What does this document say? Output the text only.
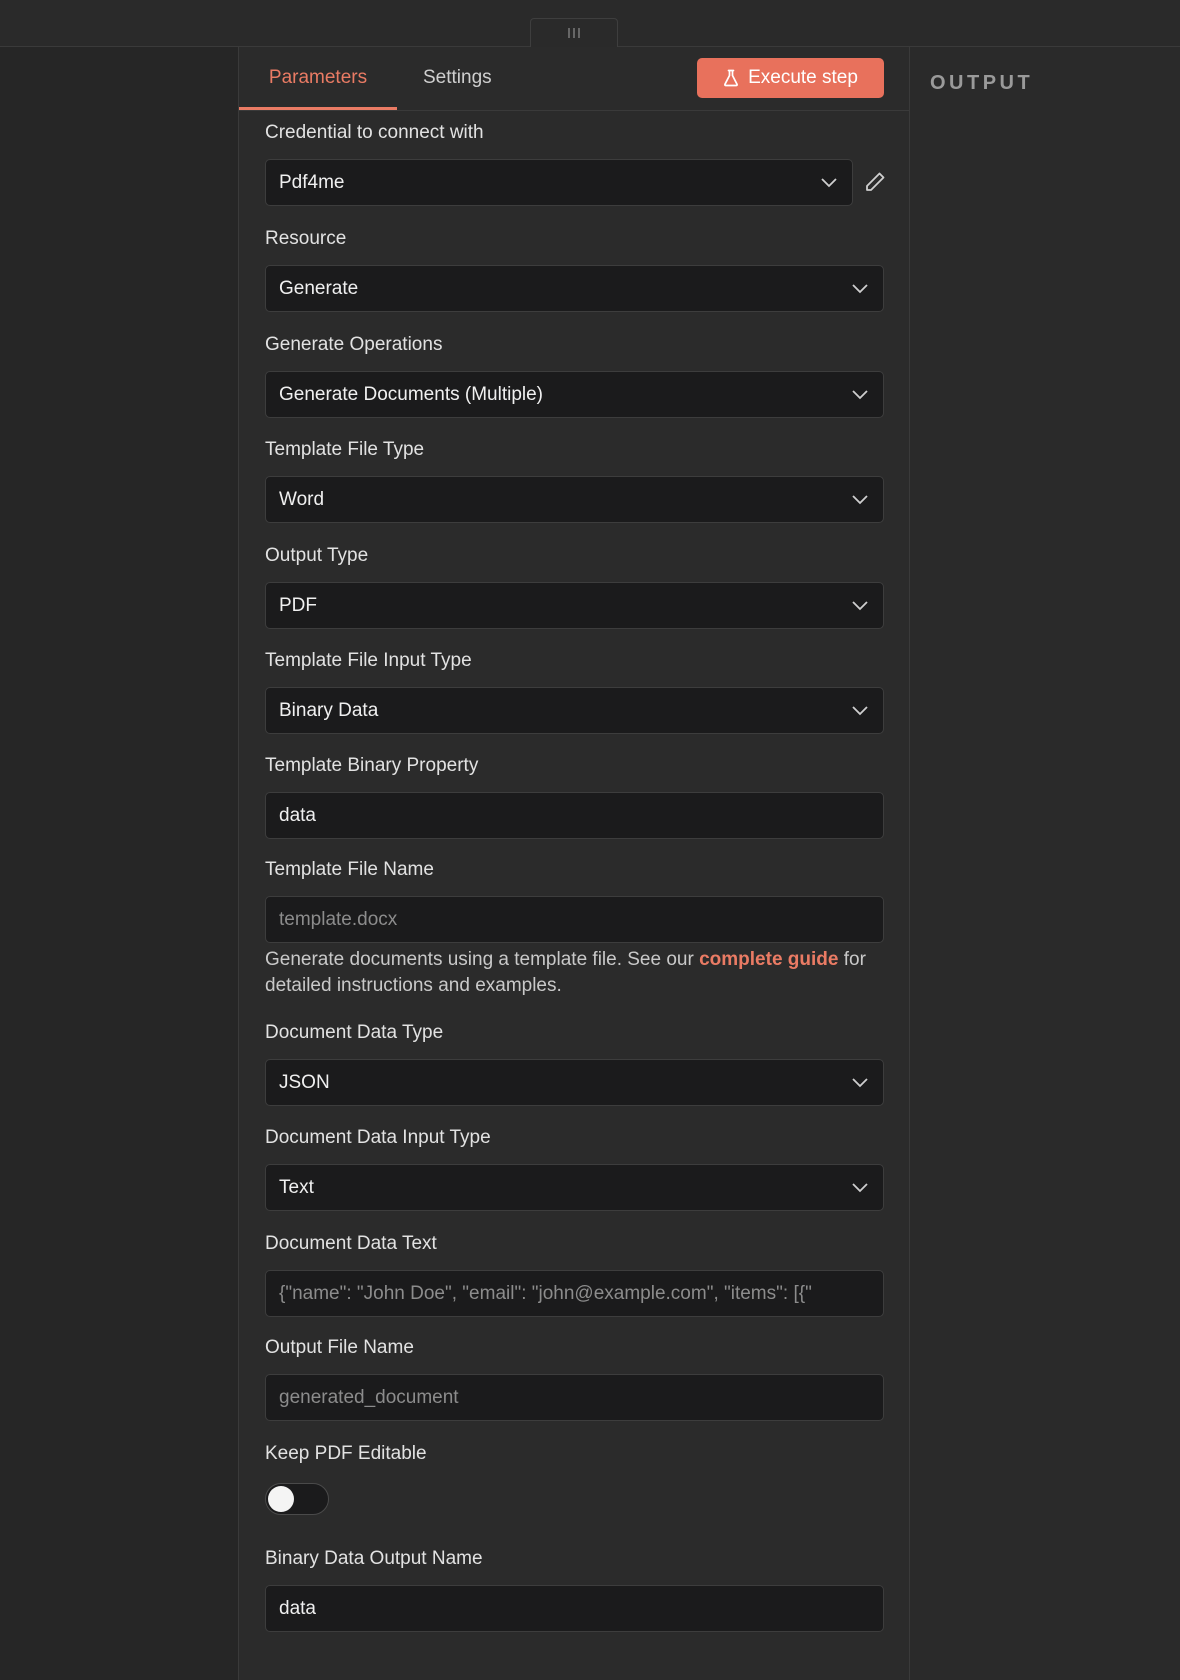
OUTPUT
Parameters	Settings	Execute step
Credential to connect with
Pdf4me
Resource
Generate
Generate Operations
Generate Documents (Multiple)
Template File Type
Word
Output Type
PDF
Template File Input Type
Binary Data
Template Binary Property
data
Template File Name
template.docx
Generate documents using a template file. See our complete guide for detailed instructions and examples.
Document Data Type
JSON
Document Data Input Type
Text
Document Data Text
{"name": "John Doe", "email": "john@example.com", "items": [{"
Output File Name
generated_document
Keep PDF Editable
Binary Data Output Name
data
